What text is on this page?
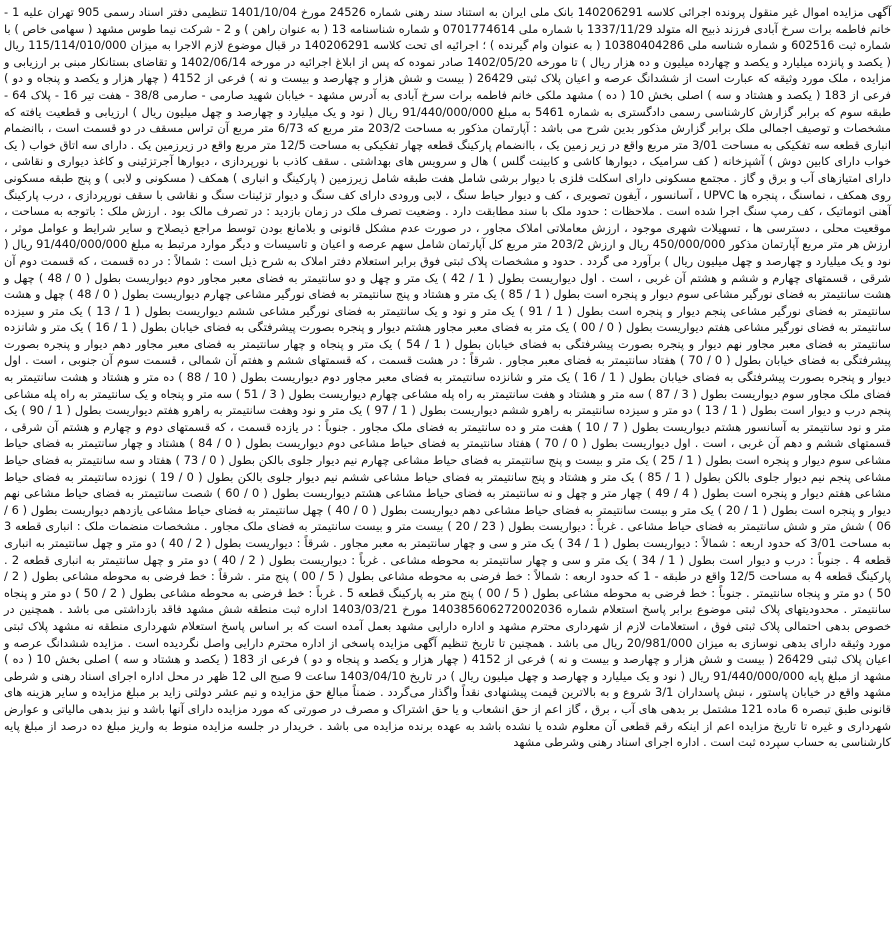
آگهی مزایده اموال غیر منقول پرونده اجرائی کلاسه 140206291 بانک ملی ایران به استناد سند رهنی شماره 24526 مورخ 1401/10/04 تنظیمی دفتر اسناد رسمی 905 تهران علیه 1 - خانم فاطمه برات سرخ آبادی فرزند ذبیح اله متولد 1337/11/29 با شماره ملی 0701774614 و شماره شناسنامه 13 ( به عنوان راهن ) و 2 - شرکت نیما طوس مشهد ( سهامی خاص ) با شماره ثبت 602516 و شماره شناسه ملی 10380404286 ( به عنوان وام گیرنده ) ؛ اجرائیه ای تحت کلاسه 140206291 در قبال موضوع لازم الاجرا به میزان 115/114/010/000 ریال ( یکصد و پانزده میلیارد و یکصد و چهارده میلیون و ده هزار ریال ) تا مورخه 1402/05/20 صادر نموده که پس از ابلاغ اجرائیه در مورخه 1402/06/14 و تقاضای بستانکار مبنی بر ارزیابی و مزایده ، ملک مورد وثیقه که عبارت است از ششدانگ عرصه و اعیان پلاک ثبتی 26429 ( بیست و شش هزار و چهارصد و بیست و نه ) فرعی از 4152 ( چهار هزار و یکصد و پنجاه و دو ) فرعی از 183 ( یکصد و هشتاد و سه ) اصلی بخش 10 ( ده ) مشهد ملکی خانم فاطمه برات سرخ آبادی به آدرس مشهد - خیابان شهید صارمی - صارمی 38/8 - هفت تیر 16 - پلاک 64 - طبقه سوم که برابر گزارش کارشناسی رسمی دادگستری به شماره 5461 به مبلغ 91/440/000/000 ریال ( نود و یک میلیارد و چهارصد و چهل میلیون ریال ) ارزیابی و قطعیت یافته که مشخصات و توصیف اجمالی ملک برابر گزارش مذکور بدین شرح می باشد : آپارتمان مذکور به مساحت 203/2 متر مربع که 6/73 متر مربع آن تراس مسقف در دو قسمت است ، باانضمام انباری قطعه سه تفکیکی به مساحت 3/01 متر مربع واقع در زیر زمین یک ، باانضمام پارکینگ قطعه چهار تفکیکی به مساحت 12/5 متر مربع واقع در زیرزمین یک . دارای سه اتاق خواب ( یک خواب دارای کابین دوش ) آشپزخانه ( کف سرامیک ، دیوارها کاشی و کابینت گلس ) هال و سرویس های بهداشتی . سقف کاذب با نورپردازی ، دیوارها آجرتزئینی و کاغذ دیواری و نقاشی ، دارای امتیازهای آب و برق و گاز . مجتمع مسکونی دارای اسکلت فلزی با دیوار برشی شامل هفت طبقه شامل زیرزمین ( پارکینگ و انباری ) همکف ( مسکونی و لابی ) و پنج طبقه مسکونی روی همکف ، نماسنگ ، پنجره ها UPVC ، آسانسور ، آیفون تصویری ، کف و دیوار حیاط سنگ ، لابی ورودی دارای کف سنگ و دیوار تزئینات سنگ و نقاشی با سقف نورپردازی ، درب پارکینگ آهنی اتوماتیک ، کف رمپ سنگ اجرا شده است . ملاحظات : حدود ملک با سند مطابقت دارد . وضعیت تصرف ملک در زمان بازدید : در تصرف مالک بود . ارزش ملک : باتوجه به مساحت ، موقعیت محلی ، دسترسی ها ، تسهیلات شهری موجود ، ارزش معاملاتی املاک مجاور ، در صورت عدم مشکل قانونی و بلامانع بودن توسط مراجع ذیصلاح و سایر شرایط و عوامل موثر ، ارزش هر متر مربع آپارتمان مذکور 450/000/000 ریال و ارزش 203/2 متر مربع کل آپارتمان شامل سهم عرصه و اعیان و تاسیسات و دیگر موارد مرتبط به مبلغ 91/440/000/000 ریال ( نود و یک میلیارد و چهارصد و چهل میلیون ریال ) برآورد می گردد . حدود و مشخصات پلاک ثبتی فوق برابر استعلام دفتر املاک به شرح ذیل است : شمالاً : در ده قسمت ، که قسمت دوم آن شرقی ، قسمتهای چهارم و ششم و هشتم آن غربی ، است . اول دیواریست بطول ( 1 / 42 ) یک متر و چهل و دو سانتیمتر به فضای معبر مجاور دوم دیواریست بطول ( 0 / 48 ) چهل و هشت سانتیمتر به فضای نورگیر مشاعی سوم دیوار و پنجره است بطول ( 1 / 85 ) یک متر و هشتاد و پنج سانتیمتر به فضای نورگیر مشاعی چهارم دیواریست بطول ( 0 / 48 ) چهل و هشت سانتیمتر به فضای نورگیر مشاعی پنجم دیوار و پنجره است بطول ( 1 / 91 ) یک متر و نود و یک سانتیمتر به فضای نورگیر مشاعی ششم دیواریست بطول ( 1 / 13 ) یک متر و سیزده سانتیمتر به فضای نورگیر مشاعی هفتم دیواریست بطول ( 0 / 00 ) یک متر به فضای معبر مجاور هشتم دیوار و پنجره بصورت پیشرفتگی به فضای خیابان بطول ( 1 / 16 ) یک متر و شانزده سانتیمتر به فضای معبر مجاور نهم دیوار و پنجره بصورت پیشرفتگی به فضای خیابان بطول ( 1 / 54 ) یک متر و پنجاه و چهار سانتیمتر به فضای معبر مجاور دهم دیوار و پنجره بصورت پیشرفتگی به فضای خیابان بطول ( 0 / 70 ) هفتاد سانتیمتر به فضای معبر مجاور . شرقاً : در هشت قسمت ، که قسمتهای ششم و هفتم آن شمالی ، قسمت سوم آن جنوبی ، است . اول دیوار و پنجره بصورت پیشرفتگی به فضای خیابان بطول ( 1 / 16 ) یک متر و شانزده سانتیمتر به فضای معبر مجاور دوم دیواریست بطول ( 10 / 88 ) ده متر و هشتاد و هشت سانتیمتر به فضای ملک مجاور سوم دیواریست بطول ( 3 / 87 ) سه متر و هشتاد و هفت سانتیمتر به راه پله مشاعی چهارم دیواریست بطول ( 3 / 51 ) سه متر و پنجاه و یک سانتیمتر به راه پله مشاعی پنجم درب و دیوار است بطول ( 1 / 13 ) دو متر و سیزده سانتیمتر به راهرو ششم دیواریست بطول ( 1 / 97 ) یک متر و نود وهفت سانتیمتر به راهرو هفتم دیواریست بطول ( 1 / 90 ) یک متر و نود سانتیمتر به آسانسور هشتم دیواریست بطول ( 7 / 10 ) هفت متر و ده سانتیمتر به فضای ملک مجاور . جنوباً : در یازده قسمت ، که قسمتهای دوم و چهارم و هشتم آن شرقی ، قسمتهای ششم و دهم آن غربی ، است . اول دیواریست بطول ( 0 / 70 ) هفتاد سانتیمتر به فضای حیاط مشاعی دوم دیواریست بطول ( 0 / 84 ) هشتاد و چهار سانتیمتر به فضای حیاط مشاعی سوم دیوار و پنجره است بطول ( 1 / 25 ) یک متر و بیست و پنج سانتیمتر به فضای حیاط مشاعی چهارم نیم دیوار جلوی بالکن بطول ( 0 / 73 ) هفتاد و سه سانتیمتر به فضای حیاط مشاعی پنجم نیم دیوار جلوی بالکن بطول ( 1 / 85 ) یک متر و هشتاد و پنج سانتیمتر به فضای حیاط مشاعی ششم نیم دیوار جلوی بالکن بطول ( 0 / 19 ) نوزده سانتیمتر به فضای حیاط مشاعی هفتم دیوار و پنجره است بطول ( 4 / 49 ) چهار متر و چهل و نه سانتیمتر به فضای حیاط مشاعی هشتم دیواریست بطول ( 0 / 60 ) شصت سانتیمتر به فضای حیاط مشاعی نهم دیوار و پنجره است بطول ( 1 / 20 ) یک متر و بیست سانتیمتر به فضای حیاط مشاعی دهم دیواریست بطول ( 0 / 40 ) چهل سانتیمتر به فضای حیاط مشاعی یازدهم دیواریست بطول ( 6 / 06 ) شش متر و شش سانتیمتر به فضای حیاط مشاعی . غرباً : دیواریست بطول ( 23 / 20 ) بیست متر و بیست سانتیمتر به فضای ملک مجاور . مشخصات منضمات ملک : انباری قطعه 3 به مساحت 3/01 که حدود اربعه : شمالاً : دیواریست بطول ( 1 / 34 ) یک متر و سی و چهار سانتیمتر به معبر مجاور . شرقاً : دیواریست بطول ( 2 / 40 ) دو متر و چهل سانتیمتر به انباری قطعه 4 . جنوباً : درب و دیوار است بطول ( 1 / 34 ) یک متر و سی و چهار سانتیمتر به محوطه مشاعی . غرباً : دیواریست بطول ( 2 / 40 ) دو متر و چهل سانتیمتر به انباری قطعه 2 . پارکینگ قطعه 4 به مساحت 12/5 واقع در طبقه - 1 که حدود اربعه : شمالاً : خط فرضی به محوطه مشاعی بطول ( 5 / 00 ) پنج متر . شرقاً : خط فرضی به محوطه مشاعی بطول ( 2 / 50 ) دو متر و پنجاه سانتیمتر . جنوباً : خط فرضی به محوطه مشاعی بطول ( 5 / 00 ) پنج متر به پارکینگ قطعه 5 . غرباً : خط فرضی به محوطه مشاعی بطول ( 2 / 50 ) دو متر و پنجاه سانتیمتر . محدودیتهای پلاک ثبتی موضوع برابر پاسخ استعلام شماره 140385606272002036 مورخ 1403/03/21 اداره ثبت منطقه شش مشهد فاقد بازداشتی می باشد . همچنین در خصوص بدهی احتمالی پلاک ثبتی فوق ، استعلامات لازم از شهرداری محترم مشهد و اداره دارایی مشهد بعمل آمده است که بر اساس پاسخ استعلام شهرداری منطقه نه مشهد پلاک ثبتی مورد وثیقه دارای بدهی نوسازی به میزان 20/981/000 ریال می باشد . همچنین تا تاریخ تنظیم آگهی مزایده پاسخی از اداره محترم دارایی واصل نگردیده است . مزایده ششدانگ عرصه و اعیان پلاک ثبتی 26429 ( بیست و شش هزار و چهارصد و بیست و نه ) فرعی از 4152 ( چهار هزار و یکصد و پنجاه و دو ) فرعی از 183 ( یکصد و هشتاد و سه ) اصلی بخش 10 ( ده ) مشهد از مبلغ پایه 91/440/000/000 ریال ( نود و یک میلیارد و چهارصد و چهل میلیون ریال ) در تاریخ 1403/04/10 ساعت 9 صبح الی 12 ظهر در محل اداره اجرای اسناد رهنی و شرطی مشهد واقع در خیابان پاستور ، نبش پاسداران 3/1 شروع و به بالاترین قیمت پیشنهادی نقداً واگذار می‌گردد . ضمناً مبالغ حق مزایده و نیم عشر دولتی زاید بر مبلغ مزایده و سایر هزینه های قانونی طبق تبصره 6 ماده 121 مشتمل بر بدهی های آب ، برق ، گاز اعم از حق انشعاب و یا حق اشتراک و مصرف در صورتی که مورد مزایده دارای آنها باشد و نیز بدهی مالیاتی و عوارض شهرداری و غیره تا تاریخ مزایده اعم از اینکه رقم قطعی آن معلوم شده یا نشده باشد به عهده برنده مزایده می باشد . خریدار در جلسه مزایده منوط به واریز مبلغ ده درصد از مبلغ پایه کارشناسی به حساب سپرده ثبت است . اداره اجرای اسناد رهنی وشرطی مشهد
